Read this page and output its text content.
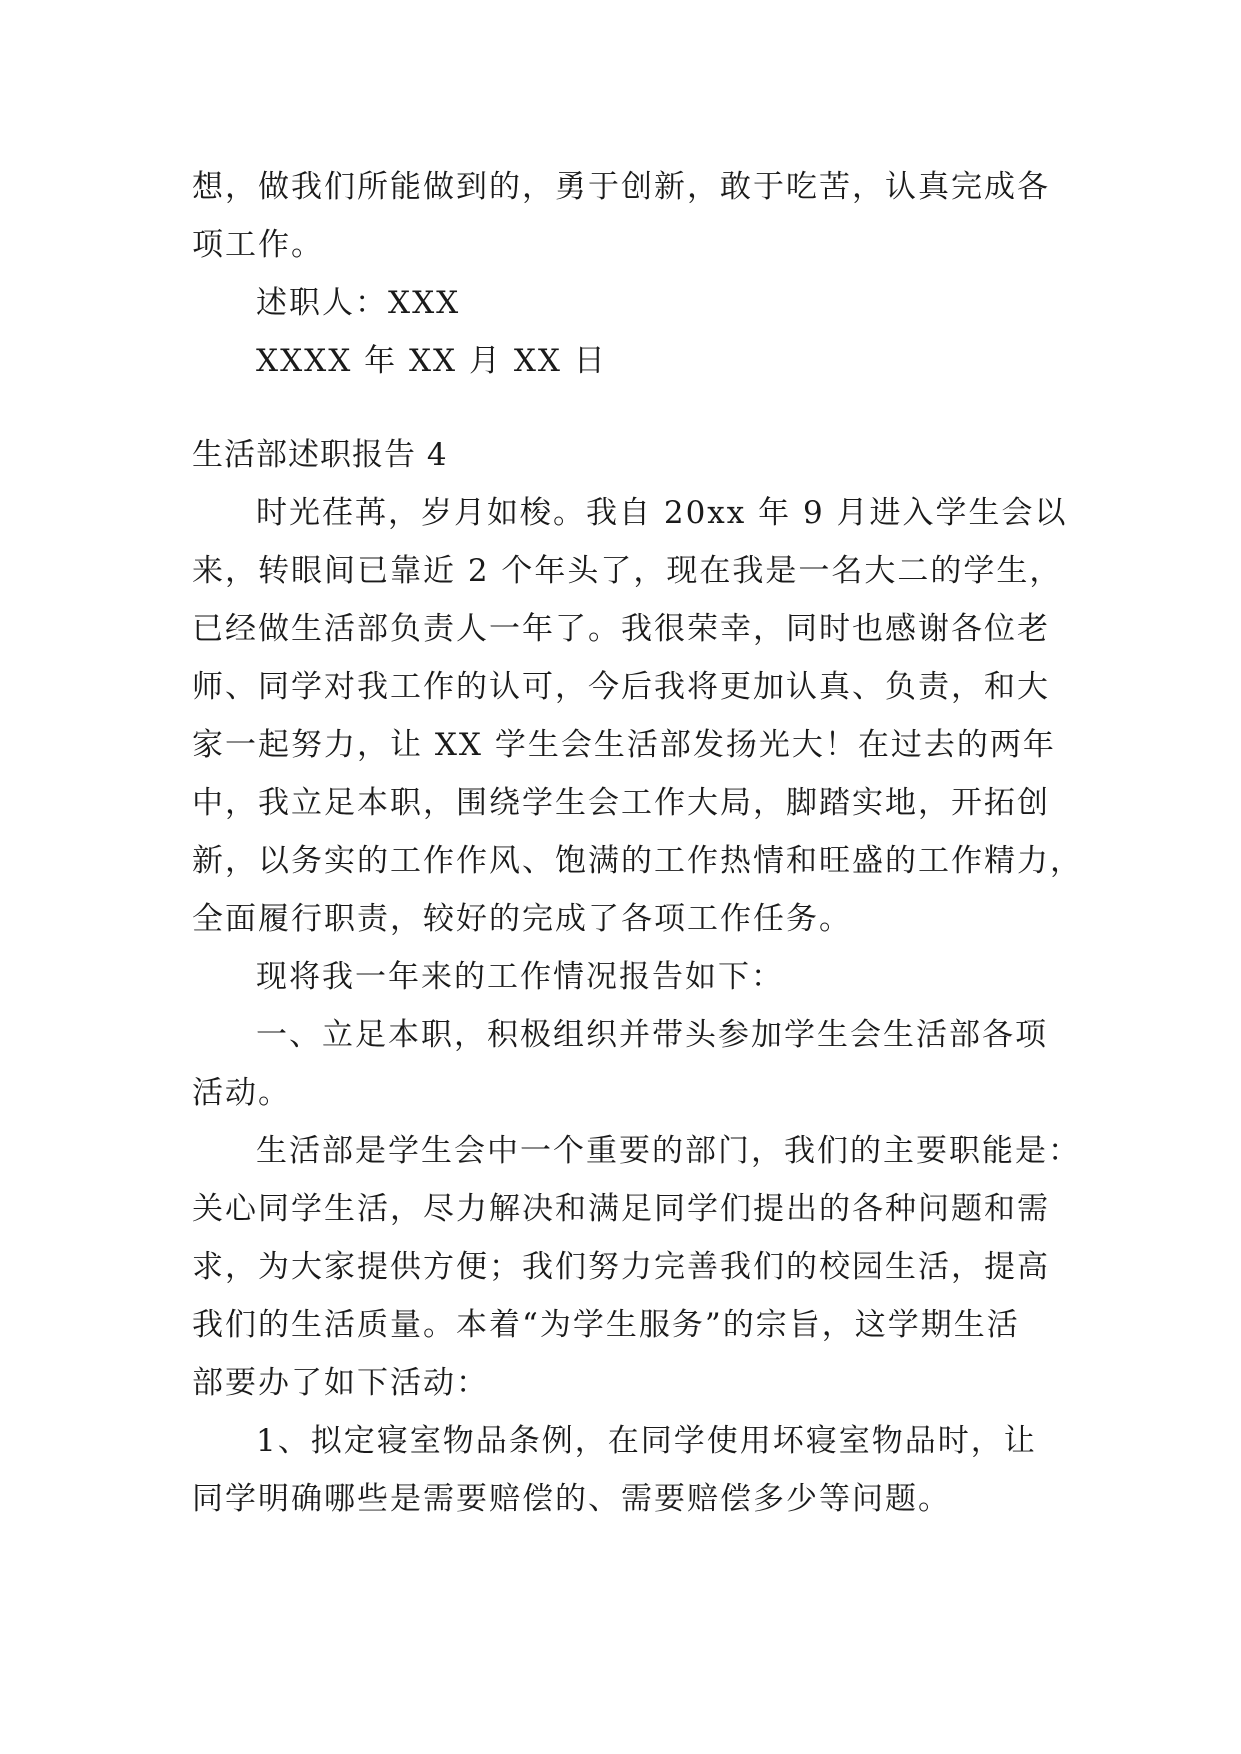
想，做我们所能做到的，勇于创新，敢于吃苦，认真完成各
项工作。
述职人：XXX
XXXX 年 XX 月 XX 日
生活部述职报告 4
时光荏苒，岁月如梭。我自 20xx 年 9 月进入学生会以
来，转眼间已靠近 2 个年头了，现在我是一名大二的学生，
已经做生活部负责人一年了。我很荣幸，同时也感谢各位老
师、同学对我工作的认可，今后我将更加认真、负责，和大
家一起努力，让 XX 学生会生活部发扬光大！在过去的两年
中，我立足本职，围绕学生会工作大局，脚踏实地，开拓创
新，以务实的工作作风、饱满的工作热情和旺盛的工作精力，
全面履行职责，较好的完成了各项工作任务。
现将我一年来的工作情况报告如下：
一、立足本职，积极组织并带头参加学生会生活部各项
活动。
生活部是学生会中一个重要的部门，我们的主要职能是：
关心同学生活，尽力解决和满足同学们提出的各种问题和需
求，为大家提供方便；我们努力完善我们的校园生活，提高
我们的生活质量。本着“为学生服务”的宗旨，这学期生活
部要办了如下活动：
1、拟定寝室物品条例，在同学使用坏寝室物品时，让
同学明确哪些是需要赔偿的、需要赔偿多少等问题。
